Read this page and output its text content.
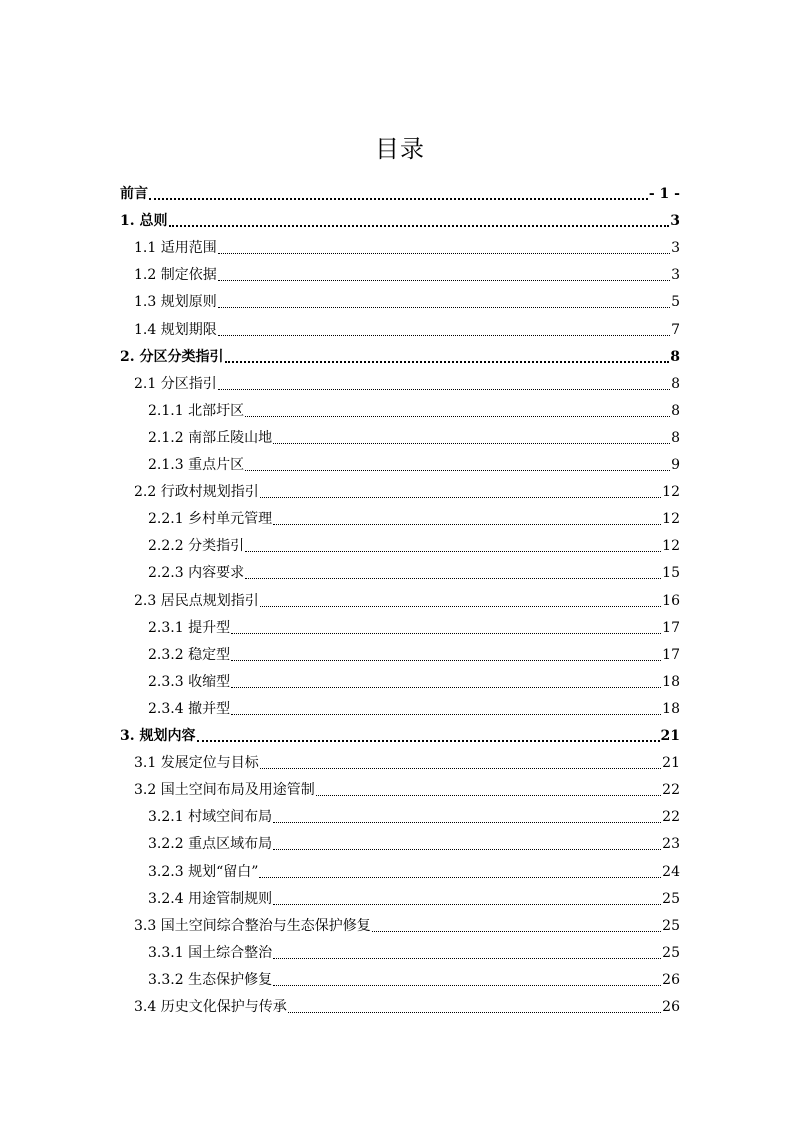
目录
前言	- 1 -
1. 总则	3
1.1 适用范围	3
1.2 制定依据	3
1.3 规划原则	5
1.4 规划期限	7
2. 分区分类指引	8
2.1 分区指引	8
2.1.1 北部圩区	8
2.1.2 南部丘陵山地	8
2.1.3 重点片区	9
2.2 行政村规划指引	12
2.2.1 乡村单元管理	12
2.2.2 分类指引	12
2.2.3 内容要求	15
2.3 居民点规划指引	16
2.3.1 提升型	17
2.3.2 稳定型	17
2.3.3 收缩型	18
2.3.4 撤并型	18
3. 规划内容	21
3.1 发展定位与目标	21
3.2 国土空间布局及用途管制	22
3.2.1 村域空间布局	22
3.2.2 重点区域布局	23
3.2.3 规划“留白”	24
3.2.4 用途管制规则	25
3.3 国土空间综合整治与生态保护修复	25
3.3.1 国土综合整治	25
3.3.2 生态保护修复	26
3.4 历史文化保护与传承	26
